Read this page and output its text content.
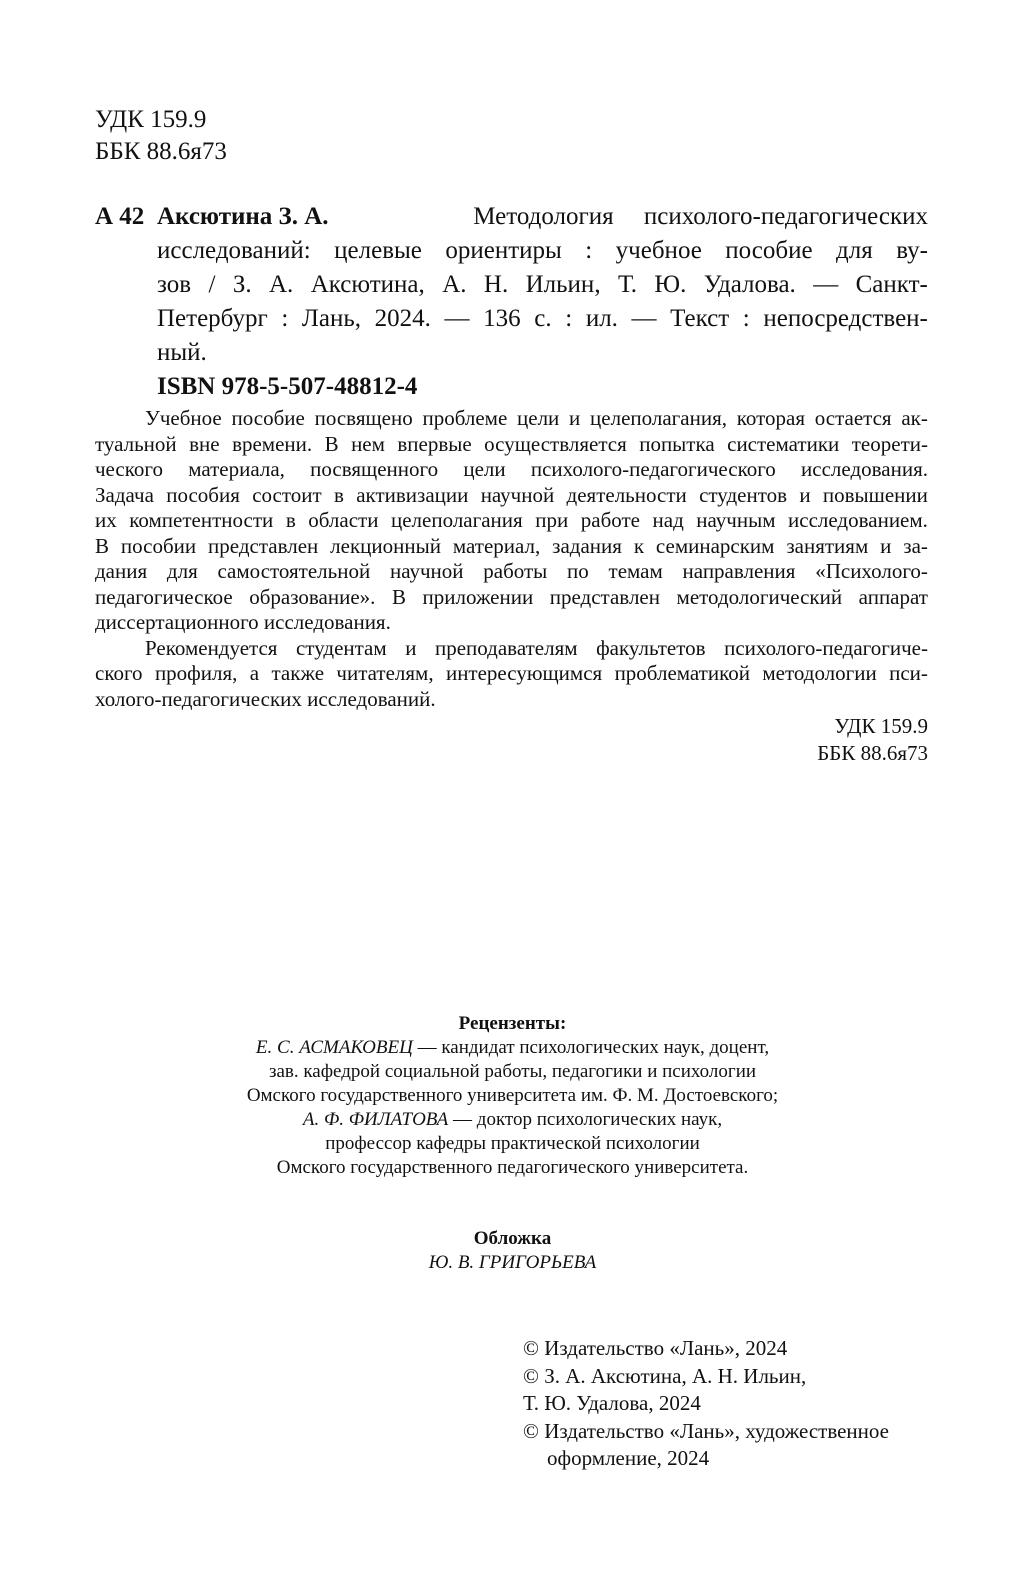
УДК 159.9
ББК 88.6я73
А 42 Аксютина З. А.	Методология психолого-педагогических
исследований: целевые ориентиры : учебное пособие для ву-
зов / З. А. Аксютина, А. Н. Ильин, Т. Ю. Удалова. — Санкт-
Петербург : Лань, 2024. — 136 с. : ил. — Текст : непосредствен-
ный.
ISBN 978-5-507-48812-4
Учебное пособие посвящено проблеме цели и целеполагания, которая остается ак-
туальной вне времени. В нем впервые осуществляется попытка систематики теорети-
ческого материала, посвященного цели психолого-педагогического исследования.
Задача пособия состоит в активизации научной деятельности студентов и повышении
их компетентности в области целеполагания при работе над научным исследованием.
В пособии представлен лекционный материал, задания к семинарским занятиям и за-
дания для самостоятельной научной работы по темам направления «Психолого-
педагогическое образование». В приложении представлен методологический аппарат
диссертационного исследования.
Рекомендуется студентам и преподавателям факультетов психолого-педагогиче-
ского профиля, а также читателям, интересующимся проблематикой методологии пси-
холого-педагогических исследований.
УДК 159.9
ББК 88.6я73
Рецензенты:
Е. С. АСМАКОВЕЦ — кандидат психологических наук, доцент,
зав. кафедрой социальной работы, педагогики и психологии
Омского государственного университета им. Ф. М. Достоевского;
А. Ф. ФИЛАТОВА — доктор психологических наук,
профессор кафедры практической психологии
Омского государственного педагогического университета.
Обложка
Ю. В. ГРИГОРЬЕВА
© Издательство «Лань», 2024
© З. А. Аксютина, А. Н. Ильин,
Т. Ю. Удалова, 2024
© Издательство «Лань», художественное
оформление, 2024
